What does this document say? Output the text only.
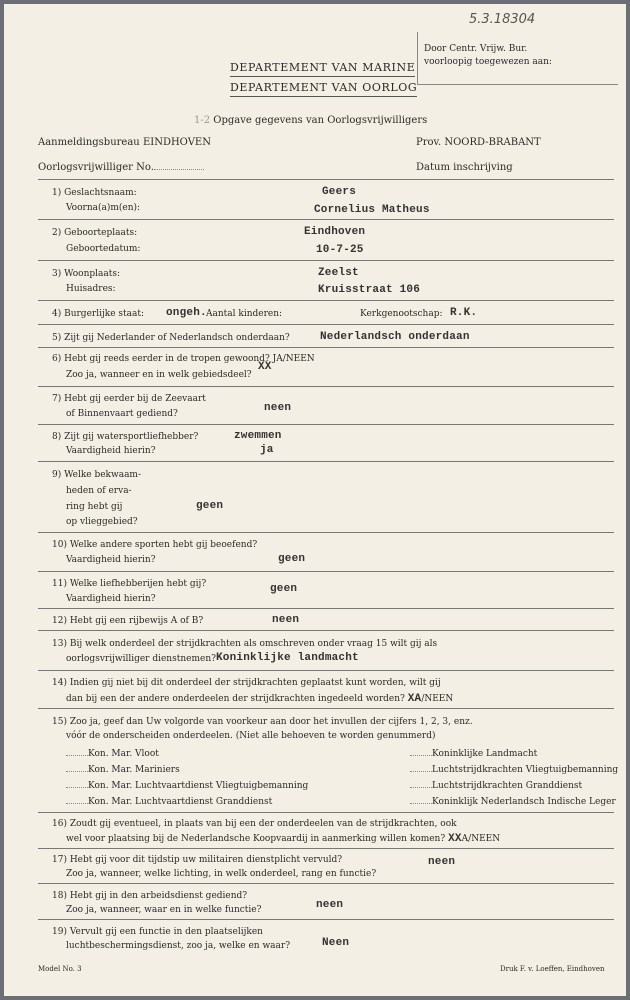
5.3.18304
Door Centr. Vrijw. Bur.
voorloopig toegewezen aan:
DEPARTEMENT VAN MARINE
DEPARTEMENT VAN OORLOG
1-2 Opgave gegevens van Oorlogsvrijwilligers
Aanmeldingsbureau EINDHOVEN	Prov. NOORD-BRABANT
Oorlogsvrijwilliger No.	Datum inschrijving
1) Geslachtsnaam:	Geers
Voorna(a)m(en):	Cornelius Matheus
2) Geboorteplaats:	Eindhoven
Geboortedatum:	10-7-25
3) Woonplaats:	Zeelst
Huisadres:	Kruisstraat 106
4) Burgerlijke staat: ongeh. Aantal kinderen:	Kerkgenootschap: R.K.
5) Zijt gij Nederlander of Nederlandsch onderdaan?	Nederlandsch onderdaan
6) Hebt gij reeds eerder in de tropen gewoond? JA/NEEN
Zoo ja, wanneer en in welk gebiedsdeel?
XX
7) Hebt gij eerder bij de Zeevaart
of Binnenvaart gediend?	neen
8) Zijt gij watersportliefhebber?	zwemmen
Vaardigheid hierin?	ja
9) Welke bekwaam-
heden of erva-
ring hebt gij
op vlieggebied?
geen
10) Welke andere sporten hebt gij beoefend?
Vaardigheid hierin?	geen
11) Welke liefhebberijen hebt gij?
Vaardigheid hierin?
geen
12) Hebt gij een rijbewijs A of B?	neen
13) Bij welk onderdeel der strijdkrachten als omschreven onder vraag 15 wilt gij als
oorlogsvrijwilliger dienstnemen? Koninklijke landmacht
14) Indien gij niet bij dit onderdeel der strijdkrachten geplaatst kunt worden, wilt gij
dan bij een der andere onderdeelen der strijdkrachten ingedeeld worden? XA/NEEN
15) Zoo ja, geef dan Uw volgorde van voorkeur aan door het invullen der cijfers 1, 2, 3, enz.
vóór de onderscheiden onderdeelen. (Niet alle behoeven te worden genummerd)
Kon. Mar. Vloot
Kon. Mar. Mariniers
Kon. Mar. Luchtvaartdienst Vliegtuigbemanning
Kon. Mar. Luchtvaartdienst Granddienst
Koninklijke Landmacht
Luchtstrijdkrachten Vliegtuigbemanning
Luchtstrijdkrachten Granddienst
Koninklijk Nederlandsch Indische Leger
16) Zoudt gij eventueel, in plaats van bij een der onderdeelen van de strijdkrachten, ook
wel voor plaatsing bij de Nederlandsche Koopvaardij in aanmerking willen komen? XXA/NEEN
17) Hebt gij voor dit tijdstip uw militairen dienstplicht vervuld?
Zoo ja, wanneer, welke lichting, in welk onderdeel, rang en functie?
neen
18) Hebt gij in den arbeidsdienst gediend?
Zoo ja, wanneer, waar en in welke functie?	neen
19) Vervult gij een functie in den plaatselijken
luchtbeschermingsdienst, zoo ja, welke en waar?	Neen
Model No. 3	Druk F. v. Loeffen, Eindhoven
